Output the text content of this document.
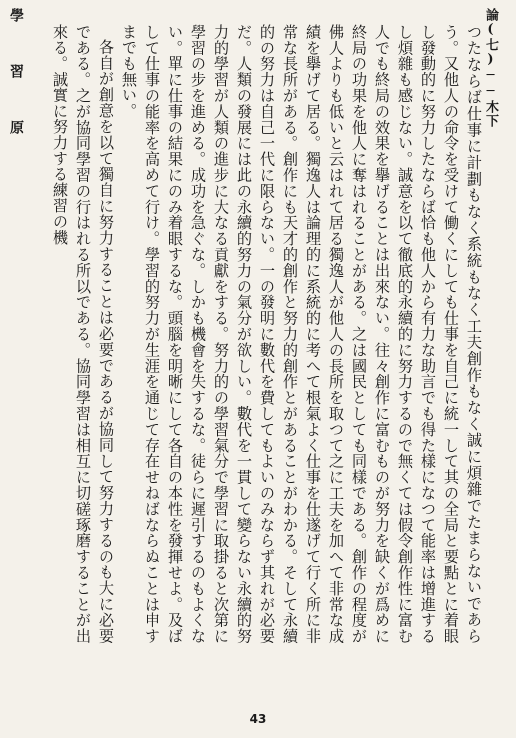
學習原	論(七)──木下

つたならば仕事に計劃もなく系統もなく工夫創作もなく誠に煩雜でたまらないであらう。又他人の命令を受けて働くにしても仕事を自己に統一して其の全局と要點とに着眼し發動的に努力したならば恰も他人から有力な助言でも得た樣になつて能率は增進するし煩雜も感じない。誠意を以て徹底的永續的に努力するので無くては假令創作性に富む人でも終局の效果を擧げることは出來ない。往々創作に富むものが努力を缺くが爲めに終局の功果を他人に奪はれることがある。之は國民としても同樣である。創作の程度が佛人よりも低いと云はれて居る獨逸人が他人の長所を取つて之に工夫を加へて非常な成績を擧げて居る。獨逸人は論理的に系統的に考へて根氣よく仕事を仕遂げて行く所に非常な長所がある。創作にも天才的創作と努力的創作とがあることがわかる。そして永續的の努力は自己一代に限らない。一の發明に數代を費してもよいのみならず其れが必要だ。人類の發展には此の永續的努力の氣分が欲しい。數代を一貫して變らない永續的努力的學習が人類の進步に大なる貢獻をする。努力的の學習氣分で學習に取掛ると次第に學習の步を進める。成功を急ぐな。しかも機會を失するな。徒らに遲引するのもよくない。單に仕事の結果にのみ着眼するな。頭腦を明晰にして各自の本性を發揮せよ。及ばして仕事の能率を高めて行け。學習的努力が生涯を通じて存在せねばならぬことは申すまでも無い。

各自が創意を以て獨自に努力することは必要であるが協同して努力するのも大に必要である。之が協同學習の行はれる所以である。協同學習は相互に切磋琢磨することが出來る。誠實に努力する練習の機

43
